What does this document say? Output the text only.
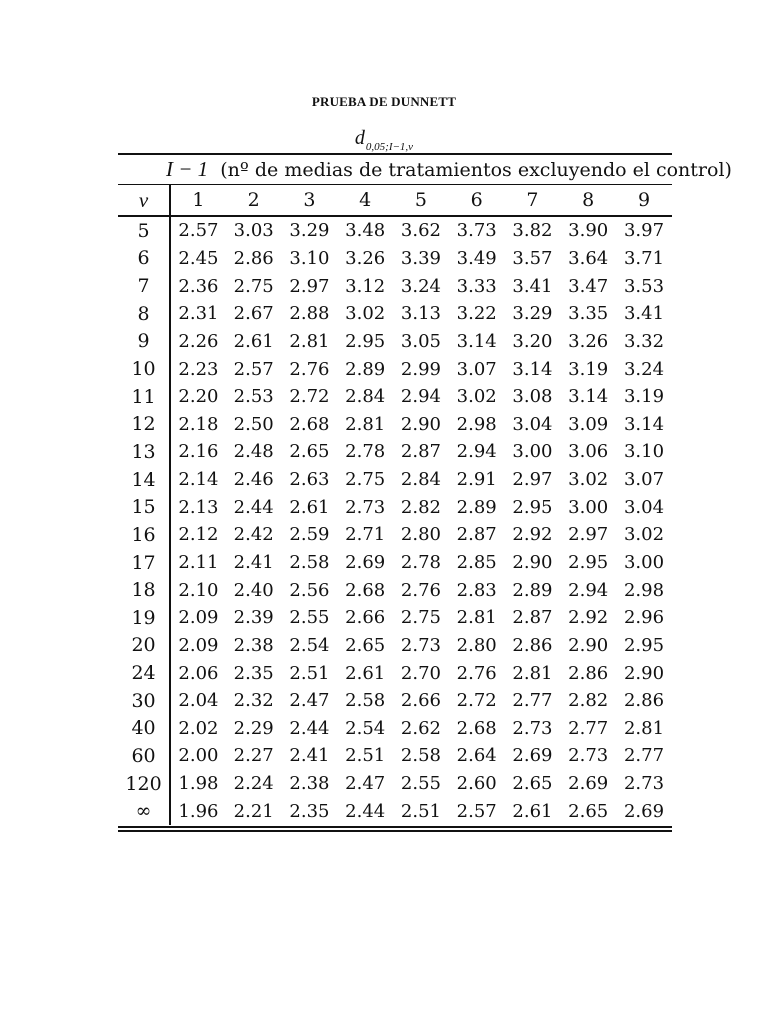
PRUEBA DE DUNNETT
$d_{0,05;I-1,\nu}$
I − 1 (nº de medias de tratamientos excluyendo el control)									
ν	1	2	3	4	5	6	7	8	9
5	2.57	3.03	3.29	3.48	3.62	3.73	3.82	3.90	3.97
6	2.45	2.86	3.10	3.26	3.39	3.49	3.57	3.64	3.71
7	2.36	2.75	2.97	3.12	3.24	3.33	3.41	3.47	3.53
8	2.31	2.67	2.88	3.02	3.13	3.22	3.29	3.35	3.41
9	2.26	2.61	2.81	2.95	3.05	3.14	3.20	3.26	3.32
10	2.23	2.57	2.76	2.89	2.99	3.07	3.14	3.19	3.24
11	2.20	2.53	2.72	2.84	2.94	3.02	3.08	3.14	3.19
12	2.18	2.50	2.68	2.81	2.90	2.98	3.04	3.09	3.14
13	2.16	2.48	2.65	2.78	2.87	2.94	3.00	3.06	3.10
14	2.14	2.46	2.63	2.75	2.84	2.91	2.97	3.02	3.07
15	2.13	2.44	2.61	2.73	2.82	2.89	2.95	3.00	3.04
16	2.12	2.42	2.59	2.71	2.80	2.87	2.92	2.97	3.02
17	2.11	2.41	2.58	2.69	2.78	2.85	2.90	2.95	3.00
18	2.10	2.40	2.56	2.68	2.76	2.83	2.89	2.94	2.98
19	2.09	2.39	2.55	2.66	2.75	2.81	2.87	2.92	2.96
20	2.09	2.38	2.54	2.65	2.73	2.80	2.86	2.90	2.95
24	2.06	2.35	2.51	2.61	2.70	2.76	2.81	2.86	2.90
30	2.04	2.32	2.47	2.58	2.66	2.72	2.77	2.82	2.86
40	2.02	2.29	2.44	2.54	2.62	2.68	2.73	2.77	2.81
60	2.00	2.27	2.41	2.51	2.58	2.64	2.69	2.73	2.77
120	1.98	2.24	2.38	2.47	2.55	2.60	2.65	2.69	2.73
∞	1.96	2.21	2.35	2.44	2.51	2.57	2.61	2.65	2.69
